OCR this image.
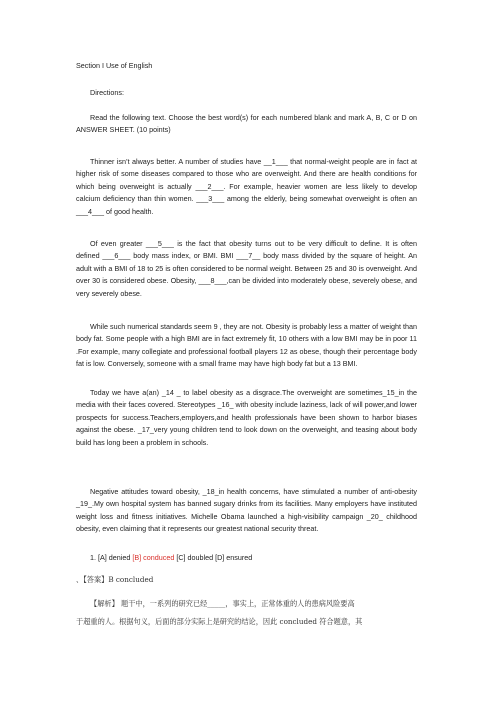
Section I Use of English

Directions:

Read the following text. Choose the best word(s) for each numbered blank and mark A, B, C or D on ANSWER SHEET. (10 points)

Thinner isn’t always better. A number of studies have __1___ that normal-weight people are in fact at higher risk of some diseases compared to those who are overweight. And there are health conditions for which being overweight is actually ___2___. For example, heavier women are less likely to develop calcium deficiency than thin women. ___3___ among the elderly, being somewhat overweight is often an ___4___ of good health.

Of even greater ___5___ is the fact that obesity turns out to be very difficult to define. It is often defined ___6___ body mass index, or BMI. BMI ___7__ body mass divided by the square of height. An adult with a BMI of 18 to 25 is often considered to be normal weight. Between 25 and 30 is overweight. And over 30 is considered obese. Obesity, ___8___,can be divided into moderately obese, severely obese, and very severely obese.

While such numerical standards seem 9 , they are not. Obesity is probably less a matter of weight than body fat. Some people with a high BMI are in fact extremely fit, 10 others with a low BMI may be in poor 11 .For example, many collegiate and professional football players 12 as obese, though their percentage body fat is low. Conversely, someone with a small frame may have high body fat but a 13 BMI.

Today we have a(an) _14 _ to label obesity as a disgrace.The overweight are sometimes_15_in the media with their faces covered. Stereotypes _16_ with obesity include laziness, lack of will power,and lower prospects for success.Teachers,employers,and health professionals have been shown to harbor biases against the obese. _17_very young children tend to look down on the overweight, and teasing about body build has long been a problem in schools.

Negative attitudes toward obesity, _18_in health concerns, have stimulated a number of anti-obesity _19_.My own hospital system has banned sugary drinks from its facilities. Many employers have instituted weight loss and fitness initiatives. Michelle Obama launched a high-visibility campaign _20_ childhood obesity, even claiming that it represents our greatest national security threat.

1. [A] denied [B] conduced [C] doubled [D] ensured

、【答案】B concluded

【解析】 题干中，一系列的研究已经_____，事实上，正常体重的人的患病风险要高

于超重的人。根据句义，后面的部分实际上是研究的结论，因此 concluded 符合题意，其
